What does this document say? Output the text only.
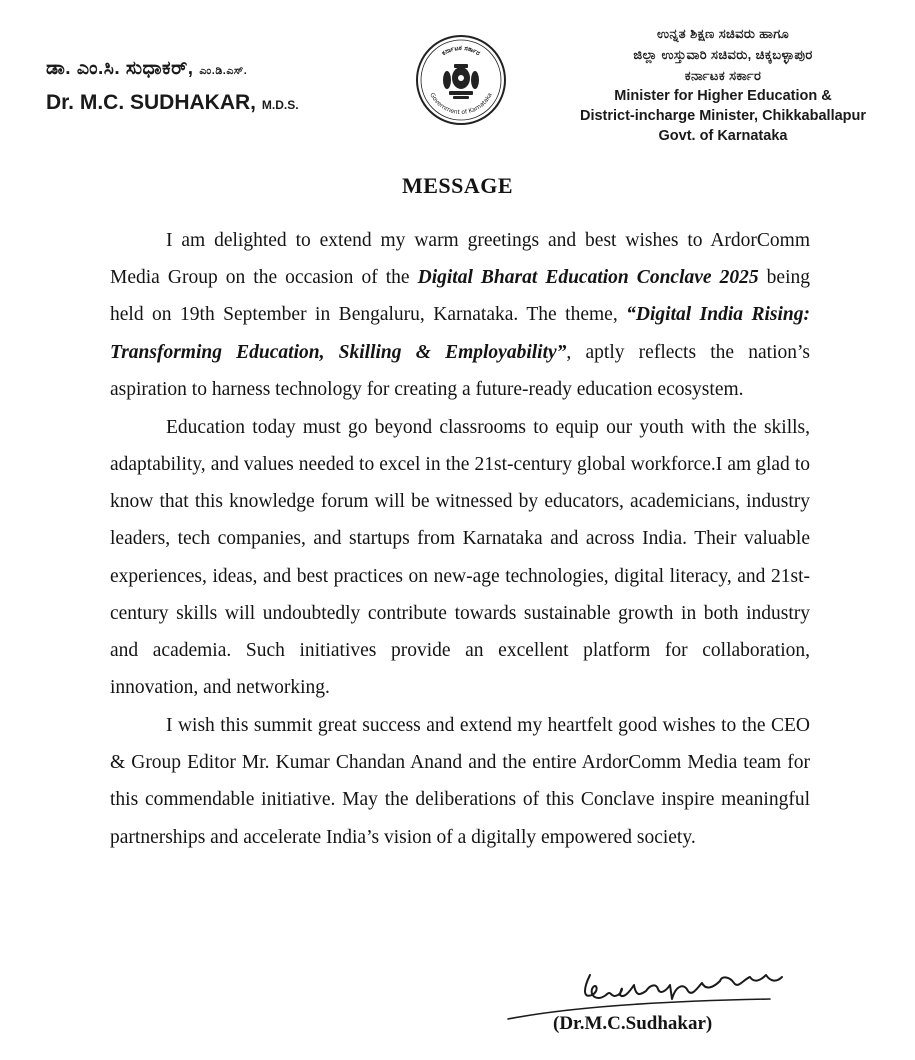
ಡಾ. ಎಂ.ಸಿ. ಸುಧಾಕರ್, ಎಂ.ಡಿ.ಎಸ್.
Dr. M.C. SUDHAKAR, M.D.S.
ಕರ್ನಾಟಕ ಸರ್ಕಾರ
Government of Karnataka
ಉನ್ನತ ಶಿಕ್ಷಣ ಸಚಿವರು ಹಾಗೂ
ಜಿಲ್ಲಾ ಉಸ್ತುವಾರಿ ಸಚಿವರು, ಚಿಕ್ಕಬಳ್ಳಾಪುರ
ಕರ್ನಾಟಕ ಸರ್ಕಾರ
Minister for Higher Education &
District-incharge Minister, Chikkaballapur
Govt. of Karnataka
MESSAGE

I am delighted to extend my warm greetings and best wishes to ArdorComm Media Group on the occasion of the Digital Bharat Education Conclave 2025 being held on 19th September in Bengaluru, Karnataka. The theme, “Digital India Rising: Transforming Education, Skilling & Employability”, aptly reflects the nation’s aspiration to harness technology for creating a future-ready education ecosystem.

Education today must go beyond classrooms to equip our youth with the skills, adaptability, and values needed to excel in the 21st-century global workforce.I am glad to know that this knowledge forum will be witnessed by educators, academicians, industry leaders, tech companies, and startups from Karnataka and across India. Their valuable experiences, ideas, and best practices on new-age technologies, digital literacy, and 21st-century skills will undoubtedly contribute towards sustainable growth in both industry and academia. Such initiatives provide an excellent platform for collaboration, innovation, and networking.

I wish this summit great success and extend my heartfelt good wishes to the CEO & Group Editor Mr. Kumar Chandan Anand and the entire ArdorComm Media team for this commendable initiative. May the deliberations of this Conclave inspire meaningful partnerships and accelerate India’s vision of a digitally empowered society.

(Dr.M.C.Sudhakar)
